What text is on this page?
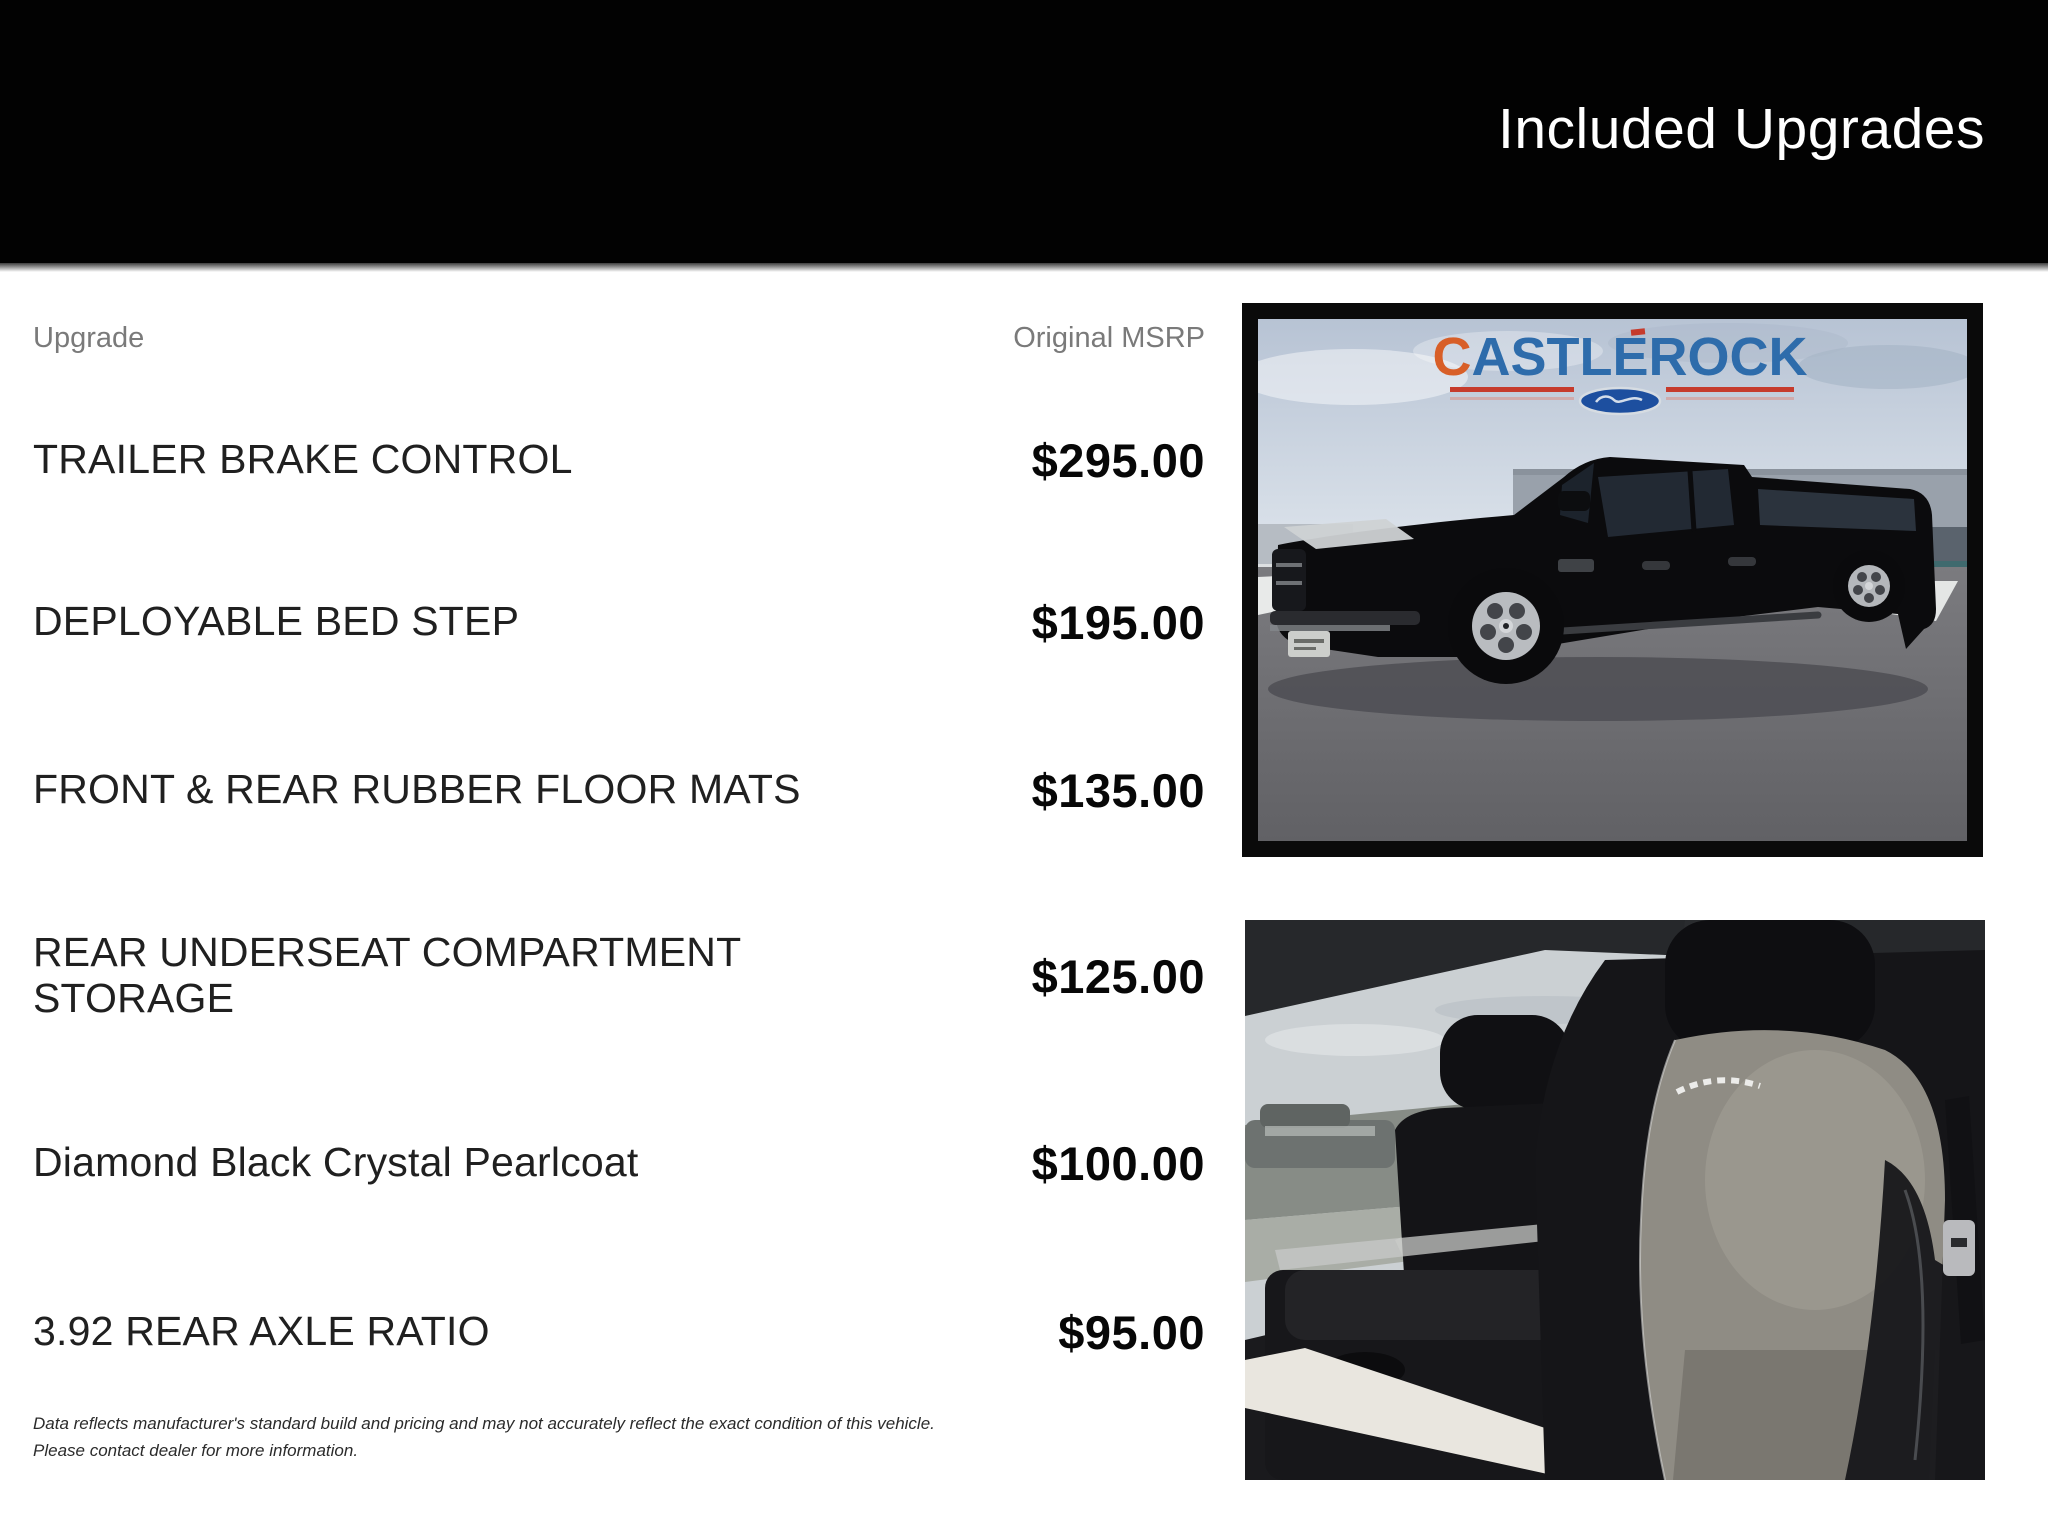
Included Upgrades
Upgrade	Original MSRP
TRAILER BRAKE CONTROL	$295.00
DEPLOYABLE BED STEP	$195.00
FRONT & REAR RUBBER FLOOR MATS	$135.00
REAR UNDERSEAT COMPARTMENT STORAGE	$125.00
Diamond Black Crystal Pearlcoat	$100.00
3.92 REAR AXLE RATIO	$95.00
Data reflects manufacturer's standard build and pricing and may not accurately reflect the exact condition of this vehicle.
Please contact dealer for more information.
CASTLEROCK
